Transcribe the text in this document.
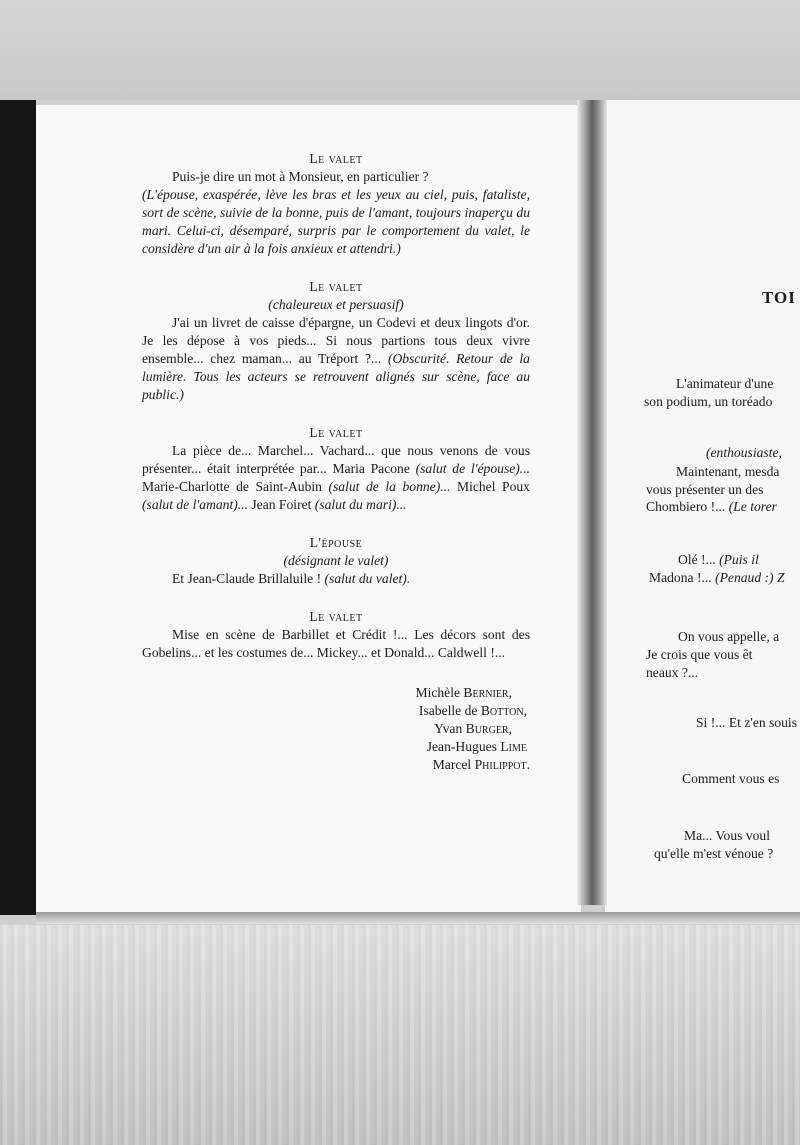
Le valet

Puis-je dire un mot à Monsieur, en particulier ?

(L'épouse, exaspérée, lève les bras et les yeux au ciel, puis, fataliste, sort de scène, suivie de la bonne, puis de l'amant, toujours inaperçu du mari. Celui-ci, désemparé, surpris par le comportement du valet, le considère d'un air à la fois anxieux et attendri.)

Le valet

(chaleureux et persuasif)

J'ai un livret de caisse d'épargne, un Codevi et deux lingots d'or. Je les dépose à vos pieds... Si nous partions tous deux vivre ensemble... chez maman... au Tréport ?... (Obscurité. Retour de la lumière. Tous les acteurs se retrouvent alignés sur scène, face au public.)

Le valet

La pièce de... Marchel... Vachard... que nous venons de vous présenter... était interprétée par... Maria Pacone (salut de l'épouse)... Marie-Charlotte de Saint-Aubin (salut de la bonne)... Michel Poux (salut de l'amant)... Jean Foiret (salut du mari)...

L'épouse

(désignant le valet)

Et Jean-Claude Brillaluile ! (salut du valet).

Le valet

Mise en scène de Barbillet et Crédit !... Les décors sont des Gobelins... et les costumes de... Mickey... et Donald... Caldwell !...

Michèle Bernier,
Isabelle de Botton,
Yvan Burger,
Jean-Hugues Lime
Marcel Philippot.
TOI
L'animateur d'une
son podium, un toréado
(enthousiaste,
Maintenant, mesda
vous présenter un des
Chombiero !... (Le torer
Olé !... (Puis il
Madona !... (Penaud :) Z
On vous appelle, a
Je crois que vous êt
neaux ?...
Si !... Et z'en souis
Comment vous es
Ma... Vous voul
qu'elle m'est vénoue ?
